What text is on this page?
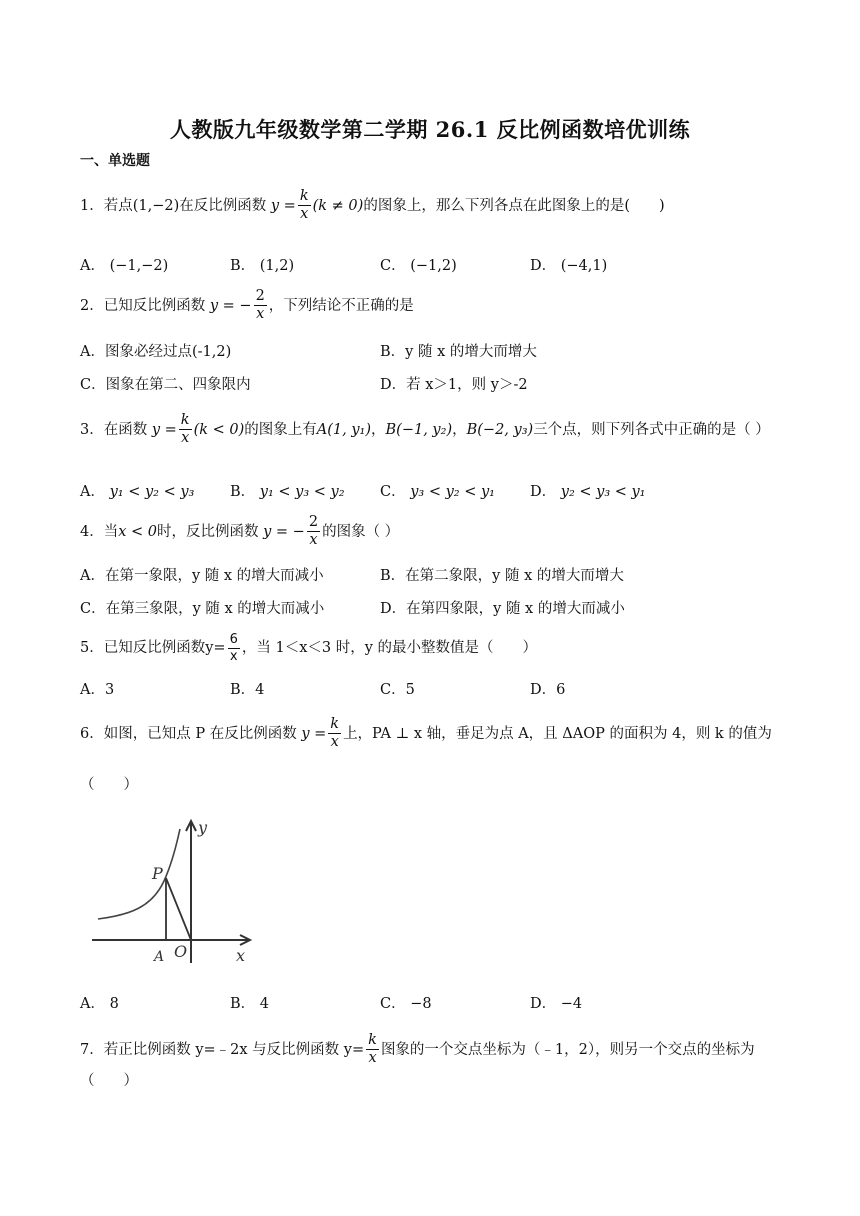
人教版九年级数学第二学期 26.1 反比例函数培优训练
一、单选题
1．若点(1,−2)在反比例函数 $y = \frac{k}{x} (k \ne 0)$的图象上，那么下列各点在此图象上的是(　　)
A． (−1,−2)	B． (1,2)	C． (−1,2)	D． (−4,1)
2．已知反比例函数 y = − $\frac{2}{x}$ ，下列结论不正确的是
A．图象必经过点(-1,2)	B．y 随 x 的增大而增大
C．图象在第二、四象限内	D．若 x＞1，则 y＞-2
3．在函数 $y = \frac{k}{x} (k < 0)$的图象上有A(1, y₁)，B(−1, y₂)，B(−2, y₃)三个点，则下列各式中正确的是（ ）
A． y₁ < y₂ < y₃ B． y₁ < y₃ < y₂ C． y₃ < y₂ < y₁ D． y₂ < y₃ < y₁
4．当x < 0时，反比例函数 y = − $\frac{2}{x}$ 的图象（ ）
A．在第一象限，y 随 x 的增大而减小	B．在第二象限，y 随 x 的增大而增大
C．在第三象限，y 随 x 的增大而减小	D．在第四象限，y 随 x 的增大而减小
5．已知反比例函数$y= \frac{6}{x}$ ，当 1＜x＜3 时，y 的最小整数值是（　　）
A．3	B．4	C．5	D．6
6．如图，已知点 P 在反比例函数 $y = \frac{k}{x}$ 上，PA ⊥ x 轴，垂足为点 A，且 ΔAOP 的面积为 4，则 k 的值为
（　　）
y
x
P
A O
A． 8	B． 4	C． −8	D． −4
7．若正比例函数 y=﹣2x 与反比例函数 $y= \frac{k}{x}$ 图象的一个交点坐标为（﹣1，2），则另一个交点的坐标为
（　　）
